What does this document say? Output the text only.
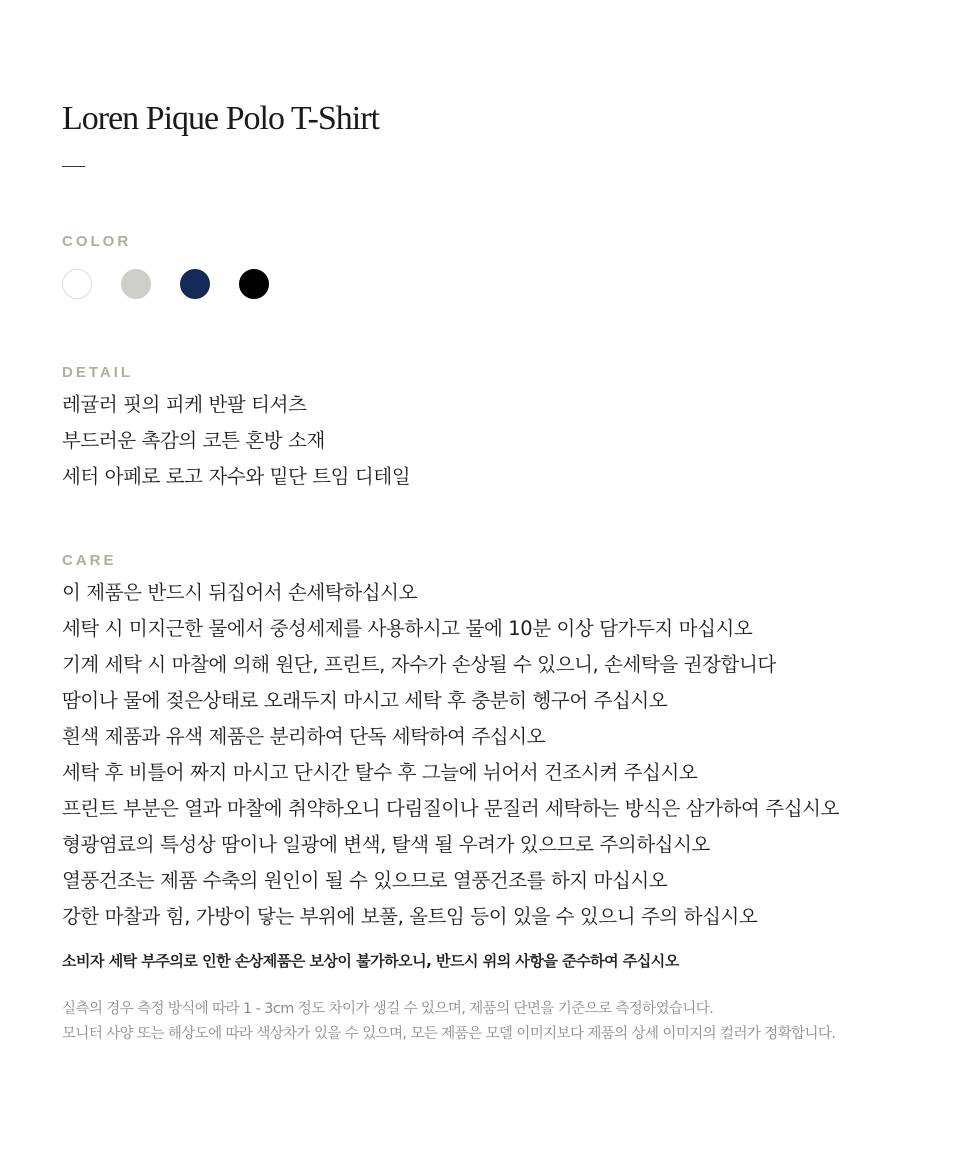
Loren Pique Polo T-Shirt
COLOR
DETAIL
레귤러 핏의 피케 반팔 티셔츠
부드러운 촉감의 코튼 혼방 소재
세터 아페로 로고 자수와 밑단 트임 디테일
CARE
이 제품은 반드시 뒤집어서 손세탁하십시오
세탁 시 미지근한 물에서 중성세제를 사용하시고 물에 10분 이상 담가두지 마십시오
기계 세탁 시 마찰에 의해 원단, 프린트, 자수가 손상될 수 있으니, 손세탁을 권장합니다
땀이나 물에 젖은상태로 오래두지 마시고 세탁 후 충분히 헹구어 주십시오
흰색 제품과 유색 제품은 분리하여 단독 세탁하여 주십시오
세탁 후 비틀어 짜지 마시고 단시간 탈수 후 그늘에 뉘어서 건조시켜 주십시오
프린트 부분은 열과 마찰에 취약하오니 다림질이나 문질러 세탁하는 방식은 삼가하여 주십시오
형광염료의 특성상 땀이나 일광에 변색, 탈색 될 우려가 있으므로 주의하십시오
열풍건조는 제품 수축의 원인이 될 수 있으므로 열풍건조를 하지 마십시오
강한 마찰과 힘, 가방이 닿는 부위에 보풀, 올트임 등이 있을 수 있으니 주의 하십시오

소비자 세탁 부주의로 인한 손상제품은 보상이 불가하오니, 반드시 위의 사항을 준수하여 주십시오

실측의 경우 측정 방식에 따라 1 - 3cm 정도 차이가 생길 수 있으며, 제품의 단면을 기준으로 측정하였습니다.
모니터 사양 또는 해상도에 따라 색상차가 있을 수 있으며, 모든 제품은 모델 이미지보다 제품의 상세 이미지의 컬러가 정확합니다.
